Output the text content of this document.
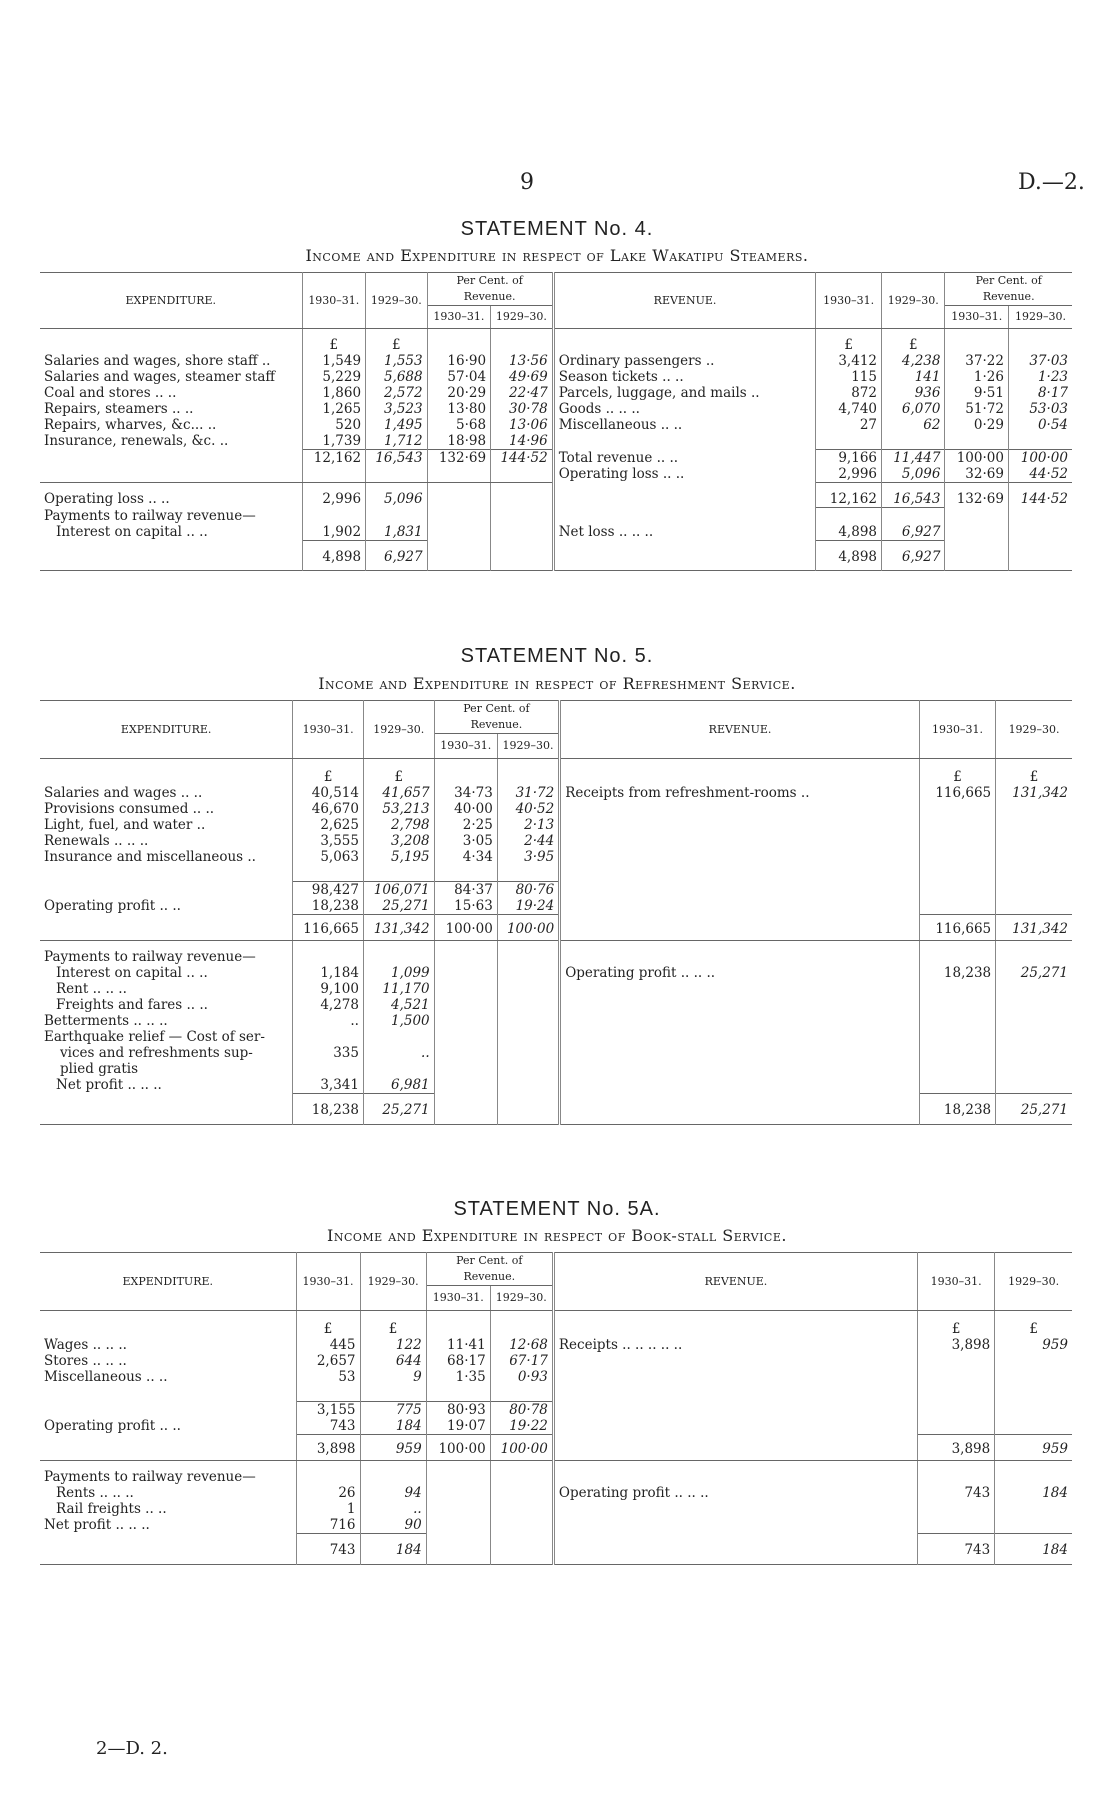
9	D.—2.
STATEMENT No. 4.
Income and Expenditure in respect of Lake Wakatipu Steamers.
EXPENDITURE.	1930–31.	1929–30.	Per Cent. of Revenue.		REVENUE.	1930–31.	1929–30.	Per Cent. of Revenue.	
			1930–31.	1929–30.				1930–31.	1929–30.
	£	£				£	£		
Salaries and wages, shore staff ..	1,549	1,553	16·90	13·56	Ordinary passengers ..	3,412	4,238	37·22	37·03
Salaries and wages, steamer staff	5,229	5,688	57·04	49·69	Season tickets .. ..	115	141	1·26	1·23
Coal and stores .. ..	1,860	2,572	20·29	22·47	Parcels, luggage, and mails ..	872	936	9·51	8·17
Repairs, steamers .. ..	1,265	3,523	13·80	30·78	Goods .. .. ..	4,740	6,070	51·72	53·03
Repairs, wharves, &c... ..	520	1,495	5·68	13·06	Miscellaneous .. ..	27	62	0·29	0·54
Insurance, renewals, &c. ..	1,739	1,712	18·98	14·96					
	12,162	16,543	132·69	144·52	Total revenue .. ..	9,166	11,447	100·00	100·00
					Operating loss .. ..	2,996	5,096	32·69	44·52
Operating loss .. ..	2,996	5,096				12,162	16,543	132·69	144·52
Payments to railway revenue—									
Interest on capital .. ..	1,902	1,831			Net loss .. .. ..	4,898	6,927		
	4,898	6,927				4,898	6,927		
STATEMENT No. 5.
Income and Expenditure in respect of Refreshment Service.
EXPENDITURE.	1930–31.	1929–30.	Per Cent. of Revenue.		REVENUE.	1930–31.	1929–30.
			1930–31.	1929–30.			
	£	£				£	£
Salaries and wages .. ..	40,514	41,657	34·73	31·72	Receipts from refreshment-rooms ..	116,665	131,342
Provisions consumed .. ..	46,670	53,213	40·00	40·52			
Light, fuel, and water ..	2,625	2,798	2·25	2·13			
Renewals .. .. ..	3,555	3,208	3·05	2·44			
Insurance and miscellaneous ..	5,063	5,195	4·34	3·95			

	98,427	106,071	84·37	80·76			
Operating profit .. ..	18,238	25,271	15·63	19·24			
	116,665	131,342	100·00	100·00		116,665	131,342
Payments to railway revenue—							
Interest on capital .. ..	1,184	1,099			Operating profit .. .. ..	18,238	25,271
Rent .. .. ..	9,100	11,170					
Freights and fares .. ..	4,278	4,521					
Betterments .. .. ..	..	1,500					

Earthquake relief — Cost of ser-
vices and refreshments sup-
plied gratis	335	..					
Net profit .. .. ..	3,341	6,981					
	18,238	25,271				18,238	25,271
STATEMENT No. 5A.
Income and Expenditure in respect of Book-stall Service.
EXPENDITURE.	1930–31.	1929–30.	Per Cent. of Revenue.		REVENUE.	1930–31.	1929–30.
			1930–31.	1929–30.			
	£	£				£	£
Wages .. .. ..	445	122	11·41	12·68	Receipts .. .. .. .. ..	3,898	959
Stores .. .. ..	2,657	644	68·17	67·17			
Miscellaneous .. ..	53	9	1·35	0·93			

	3,155	775	80·93	80·78			
Operating profit .. ..	743	184	19·07	19·22			
	3,898	959	100·00	100·00		3,898	959
Payments to railway revenue—							
Rents .. .. ..	26	94			Operating profit .. .. ..	743	184
Rail freights .. ..	1	..					
Net profit .. .. ..	716	90					
	743	184				743	184
2—D. 2.
